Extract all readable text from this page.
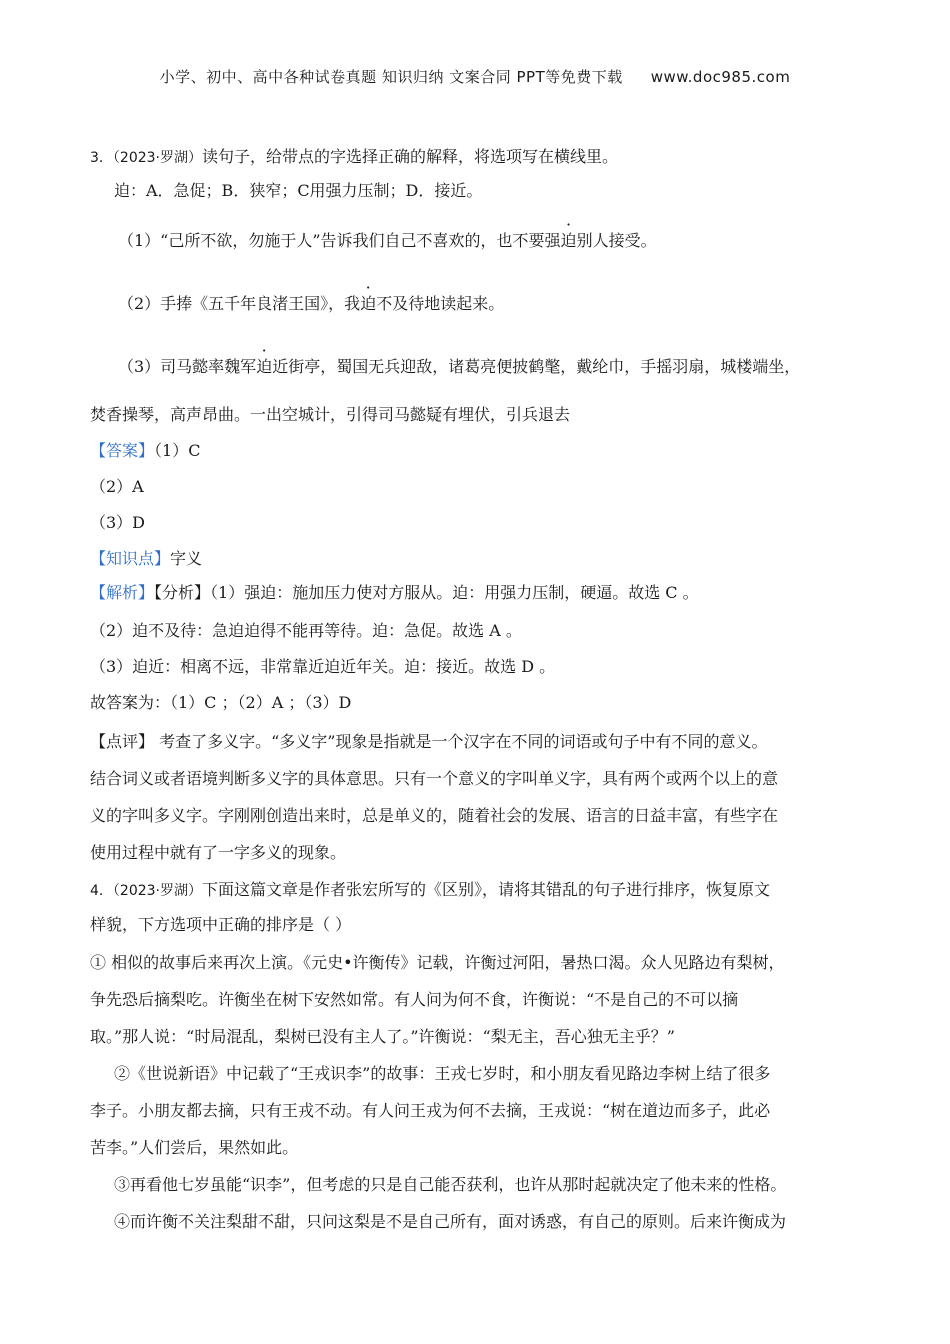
小学、初中、高中各种试卷真题 知识归纳 文案合同 PPT等免费下载 www.doc985.com
3．（2023·罗湖）读句子，给带点的字选择正确的解释，将选项写在横线里。
迫：A．急促；B．狭窄；C用强力压制；D．接近。
（1）“己所不欲，勿施于人”告诉我们自己不喜欢的，也不要强迫别人接受。
（2）手捧《五千年良渚王国》，我迫不及待地读起来。
（3）司马懿率魏军迫近街亭，蜀国无兵迎敌，诸葛亮便披鹤氅，戴纶巾，手摇羽扇，城楼端坐，
焚香操琴，高声昂曲。一出空城计，引得司马懿疑有埋伏，引兵退去
【答案】（1）C
（2）A
（3）D
【知识点】字义
【解析】【分析】（1）强迫：施加压力使对方服从。迫：用强力压制，硬逼。故选 C 。
（2）迫不及待：急迫迫得不能再等待。迫：急促。故选 A 。
（3）迫近：相离不远，非常靠近迫近年关。迫：接近。故选 D 。
故答案为：（1）C ；（2）A ；（3）D
【点评】 考查了多义字。“多义字”现象是指就是一个汉字在不同的词语或句子中有不同的意义。
结合词义或者语境判断多义字的具体意思。只有一个意义的字叫单义字，具有两个或两个以上的意
义的字叫多义字。字刚刚创造出来时，总是单义的，随着社会的发展、语言的日益丰富，有些字在
使用过程中就有了一字多义的现象。
4．（2023·罗湖）下面这篇文章是作者张宏所写的《区别》，请将其错乱的句子进行排序，恢复原文
样貌，下方选项中正确的排序是（ ）
① 相似的故事后来再次上演。《元史•许衡传》记载，许衡过河阳，暑热口渴。众人见路边有梨树，
争先恐后摘梨吃。许衡坐在树下安然如常。有人问为何不食，许衡说：“不是自己的不可以摘
取。”那人说：“时局混乱，梨树已没有主人了。”许衡说：“梨无主，吾心独无主乎？”
②《世说新语》中记载了“王戎识李”的故事：王戎七岁时，和小朋友看见路边李树上结了很多
李子。小朋友都去摘，只有王戎不动。有人问王戎为何不去摘，王戎说：“树在道边而多子，此必
苦李。”人们尝后，果然如此。
③再看他七岁虽能“识李”，但考虑的只是自己能否获利，也许从那时起就决定了他未来的性格。
④而许衡不关注梨甜不甜，只问这梨是不是自己所有，面对诱惑，有自己的原则。后来许衡成为
